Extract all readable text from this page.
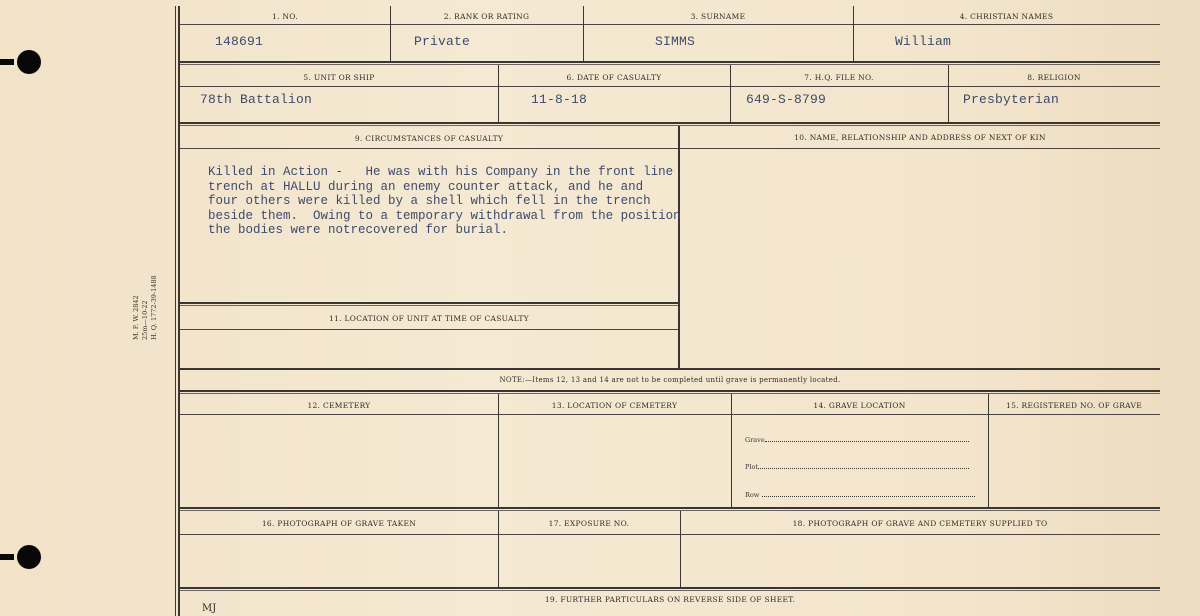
M. F. W. 2842 25m—10-22 H. Q. 1772-39-1488
1. NO.	2. RANK OR RATING	3. SURNAME	4. CHRISTIAN NAMES
148691	Private	SIMMS	William
5. UNIT OR SHIP	6. DATE OF CASUALTY	7. H.Q. FILE NO.	8. RELIGION
78th Battalion	11-8-18	649-S-8799	Presbyterian
9. CIRCUMSTANCES OF CASUALTY	10. NAME, RELATIONSHIP AND ADDRESS OF NEXT OF KIN
Killed in Action -   He was with his Company in the front line
trench at HALLU during an enemy counter attack, and he and
four others were killed by a shell which fell in the trench
beside them.  Owing to a temporary withdrawal from the position
the bodies were notrecovered for burial.
11. LOCATION OF UNIT AT TIME OF CASUALTY
NOTE:—Items 12, 13 and 14 are not to be completed until grave is permanently located.
12. CEMETERY	13. LOCATION OF CEMETERY	14. GRAVE LOCATION	15. REGISTERED NO. OF GRAVE
Grave
Plot
Row
16. PHOTOGRAPH OF GRAVE TAKEN	17. EXPOSURE NO.	18. PHOTOGRAPH OF GRAVE AND CEMETERY SUPPLIED TO
19. FURTHER PARTICULARS ON REVERSE SIDE OF SHEET.
MJ
